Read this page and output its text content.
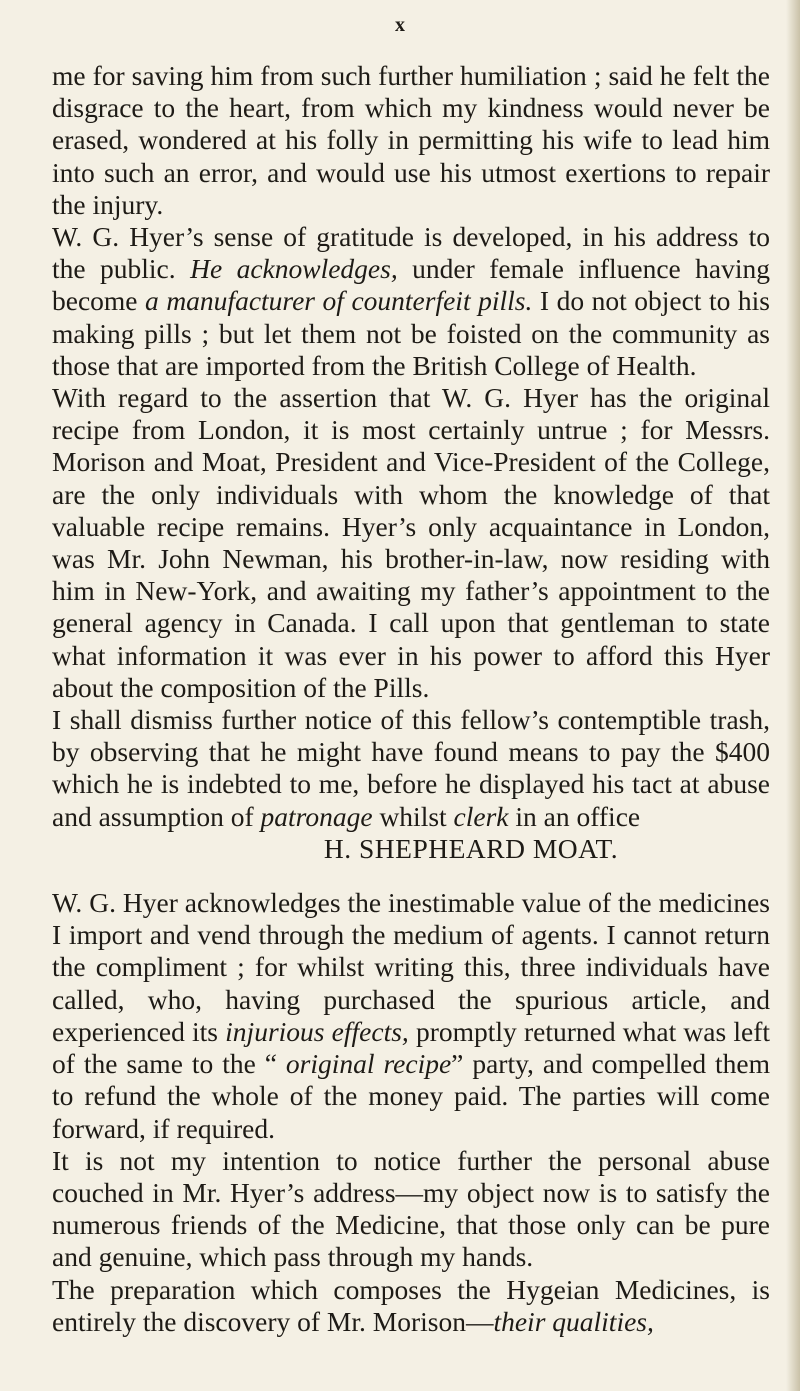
x

me for saving him from such further humiliation ; said he felt the disgrace to the heart, from which my kindness would never be erased, wondered at his folly in permitting his wife to lead him into such an error, and would use his utmost exertions to repair the injury.

W. G. Hyer’s sense of gratitude is developed, in his address to the public. He acknowledges, under female influence having become a manufacturer of counterfeit pills. I do not object to his making pills ; but let them not be foisted on the community as those that are imported from the British College of Health.

With regard to the assertion that W. G. Hyer has the original recipe from London, it is most certainly untrue ; for Messrs. Morison and Moat, President and Vice-President of the College, are the only individuals with whom the knowledge of that valuable recipe remains. Hyer’s only acquaintance in London, was Mr. John Newman, his brother-in-law, now residing with him in New-York, and awaiting my father’s appointment to the general agency in Canada. I call upon that gentleman to state what information it was ever in his power to afford this Hyer about the composition of the Pills.

I shall dismiss further notice of this fellow’s contemptible trash, by observing that he might have found means to pay the $400 which he is indebted to me, before he displayed his tact at abuse and assumption of patronage whilst clerk in an office

H. SHEPHEARD MOAT.

W. G. Hyer acknowledges the inestimable value of the medicines I import and vend through the medium of agents. I cannot return the compliment ; for whilst writing this, three individuals have called, who, having purchased the spurious article, and experienced its injurious effects, promptly returned what was left of the same to the “ original recipe” party, and compelled them to refund the whole of the money paid. The parties will come forward, if required.

It is not my intention to notice further the personal abuse couched in Mr. Hyer’s address—my object now is to satisfy the numerous friends of the Medicine, that those only can be pure and genuine, which pass through my hands.

The preparation which composes the Hygeian Medicines, is entirely the discovery of Mr. Morison—their qualities,
